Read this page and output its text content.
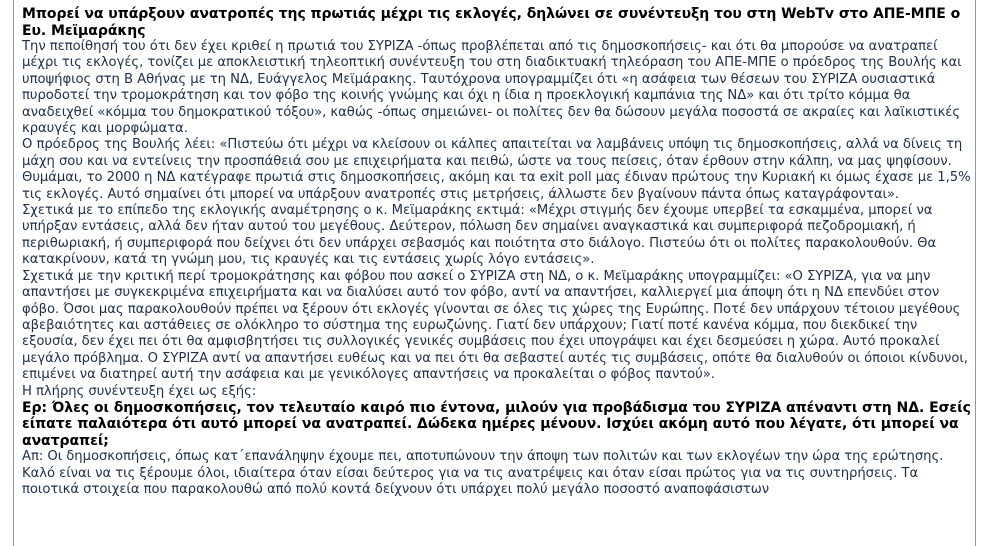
Μπορεί να υπάρξουν ανατροπές της πρωτιάς μέχρι τις εκλογές, δηλώνει σε συνέντευξη του στη WebTv στο ΑΠΕ-ΜΠΕ ο Ευ. Μεϊμαράκης

Την πεποίθησή του ότι δεν έχει κριθεί η πρωτιά του ΣΥΡΙΖΑ -όπως προβλέπεται από τις δημοσκοπήσεις- και ότι θα μπορούσε να ανατραπεί μέχρι τις εκλογές, τονίζει με αποκλειστική τηλεοπτική συνέντευξη του στη διαδικτυακή τηλεόραση του ΑΠΕ-ΜΠΕ ο πρόεδρος της Βουλής και υποψήφιος στη Β Αθήνας με τη ΝΔ, Ευάγγελος Μεϊμάρακης. Ταυτόχρονα υπογραμμίζει ότι «η ασάφεια των θέσεων του ΣΥΡΙΖΑ ουσιαστικά πυροδοτεί την τρομοκράτηση και τον φόβο της κοινής γνώμης και όχι η ίδια η προεκλογική καμπάνια της ΝΔ» και ότι τρίτο κόμμα θα αναδειχθεί «κόμμα του δημοκρατικού τόξου», καθώς -όπως σημειώνει- οι πολίτες δεν θα δώσουν μεγάλα ποσοστά σε ακραίες και λαϊκιστικές κραυγές και μορφώματα.

Ο πρόεδρος της Βουλής λέει: «Πιστεύω ότι μέχρι να κλείσουν οι κάλπες απαιτείται να λαμβάνεις υπόψη τις δημοσκοπήσεις, αλλά να δίνεις τη μάχη σου και να εντείνεις την προσπάθειά σου με επιχειρήματα και πειθώ, ώστε να τους πείσεις, όταν έρθουν στην κάλπη, να μας ψηφίσουν. Θυμάμαι, το 2000 η ΝΔ κατέγραφε πρωτιά στις δημοσκοπήσεις, ακόμη και τα exit poll μας έδιναν πρώτους την Κυριακή κι όμως έχασε με 1,5% τις εκλογές. Αυτό σημαίνει ότι μπορεί να υπάρξουν ανατροπές στις μετρήσεις, άλλωστε δεν βγαίνουν πάντα όπως καταγράφονται».

Σχετικά με το επίπεδο της εκλογικής αναμέτρησης ο κ. Μεϊμαράκης εκτιμά: «Μέχρι στιγμής δεν έχουμε υπερβεί τα εσκαμμένα, μπορεί να υπήρξαν εντάσεις, αλλά δεν ήταν αυτού του μεγέθους. Δεύτερον, πόλωση δεν σημαίνει αναγκαστικά και συμπεριφορά πεζοδρομιακή, ή περιθωριακή, ή συμπεριφορά που δείχνει ότι δεν υπάρχει σεβασμός και ποιότητα στο διάλογο. Πιστεύω ότι οι πολίτες παρακολουθούν. Θα κατακρίνουν, κατά τη γνώμη μου, τις κραυγές και τις εντάσεις χωρίς λόγο εντάσεις».

Σχετικά με την κριτική περί τρομοκράτησης και φόβου που ασκεί ο ΣΥΡΙΖΑ στη ΝΔ, ο κ. Μεϊμαράκης υπογραμμίζει: «Ο ΣΥΡΙΖΑ, για να μην απαντήσει με συγκεκριμένα επιχειρήματα και να διαλύσει αυτό τον φόβο, αντί να απαντήσει, καλλιεργεί μια άποψη ότι η ΝΔ επενδύει στον φόβο. Όσοι μας παρακολουθούν πρέπει να ξέρουν ότι εκλογές γίνονται σε όλες τις χώρες της Ευρώπης. Ποτέ δεν υπάρχουν τέτοιου μεγέθους αβεβαιότητες και αστάθειες σε ολόκληρο το σύστημα της ευρωζώνης. Γιατί δεν υπάρχουν; Γιατί ποτέ κανένα κόμμα, που διεκδικεί την εξουσία, δεν έχει πει ότι θα αμφισβητήσει τις συλλογικές γενικές συμβάσεις που έχει υπογράψει και έχει δεσμεύσει η χώρα. Αυτό προκαλεί μεγάλο πρόβλημα. Ο ΣΥΡΙΖΑ αντί να απαντήσει ευθέως και να πει ότι θα σεβαστεί αυτές τις συμβάσεις, οπότε θα διαλυθούν οι όποιοι κίνδυνοι, επιμένει να διατηρεί αυτή την ασάφεια και με γενικόλογες απαντήσεις να προκαλείται ο φόβος παντού».

Η πλήρης συνέντευξη έχει ως εξής:

Ερ: Όλες οι δημοσκοπήσεις, τον τελευταίο καιρό πιο έντονα, μιλούν για προβάδισμα του ΣΥΡΙΖΑ απέναντι στη ΝΔ. Εσείς είπατε παλαιότερα ότι αυτό μπορεί να ανατραπεί. Δώδεκα ημέρες μένουν. Ισχύει ακόμη αυτό που λέγατε, ότι μπορεί να ανατραπεί;

Απ: Οι δημοσκοπήσεις, όπως κατ΄επανάληψην έχουμε πει, αποτυπώνουν την άποψη των πολιτών και των εκλογέων την ώρα της ερώτησης. Καλό είναι να τις ξέρουμε όλοι, ιδιαίτερα όταν είσαι δεύτερος για να τις ανατρέψεις και όταν είσαι πρώτος για να τις συντηρήσεις. Τα ποιοτικά στοιχεία που παρακολουθώ από πολύ κοντά δείχνουν ότι υπάρχει πολύ μεγάλο ποσοστό αναποφάσιστων
